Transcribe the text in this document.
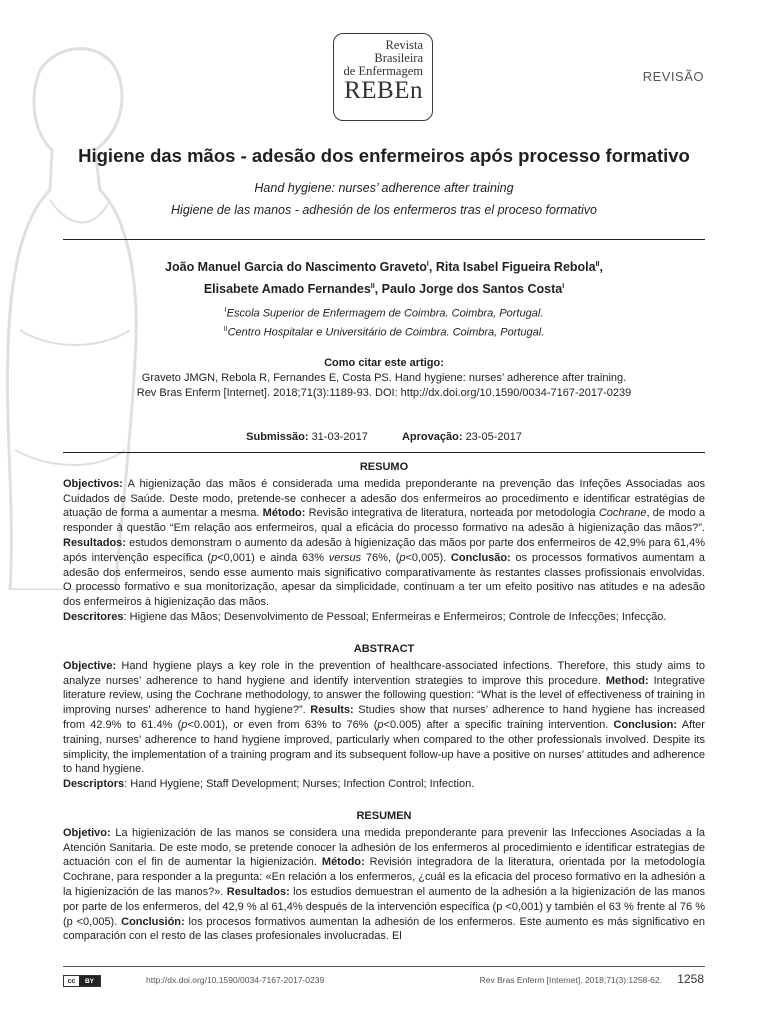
Revista
Brasileira
de Enfermagem
REBEn
REVISÃO
Higiene das mãos - adesão dos enfermeiros após processo formativo
Hand hygiene: nurses’ adherence after training
Higiene de las manos - adhesión de los enfermeros tras el proceso formativo
João Manuel Garcia do Nascimento Graveto$^I$, Rita Isabel Figueira Rebola$^{II}$,
Elisabete Amado Fernandes$^{II}$, Paulo Jorge dos Santos Costa$^I$
$^I$Escola Superior de Enfermagem de Coimbra. Coimbra, Portugal.
$^{II}$Centro Hospitalar e Universitário de Coimbra. Coimbra, Portugal.
Como citar este artigo:
Graveto JMGN, Rebola R, Fernandes E, Costa PS. Hand hygiene: nurses’ adherence after training.
Rev Bras Enferm [Internet]. 2018;71(3):1189-93. DOI: http://dx.doi.org/10.1590/0034-7167-2017-0239
Submissão: 31-03-2017	Aprovação: 23-05-2017
RESUMO

Objectivos: A higienização das mãos é considerada uma medida preponderante na prevenção das Infeções Associadas aos Cuidados de Saúde. Deste modo, pretende-se conhecer a adesão dos enfermeiros ao procedimento e identificar estratégias de atuação de forma a aumentar a mesma. Método: Revisão integrativa de literatura, norteada por metodologia Cochrane, de modo a responder à questão “Em relação aos enfermeiros, qual a eficácia do processo formativo na adesão à higienização das mãos?”. Resultados: estudos demonstram o aumento da adesão à higienização das mãos por parte dos enfermeiros de 42,9% para 61,4% após intervenção específica (p<0,001) e ainda 63% versus 76%, (p<0,005). Conclusão: os processos formativos aumentam a adesão dos enfermeiros, sendo esse aumento mais significativo comparativamente às restantes classes profissionais envolvidas. O processo formativo e sua monitorização, apesar da simplicidade, continuam a ter um efeito positivo nas atitudes e na adesão dos enfermeiros à higienização das mãos.

Descritores: Higiene das Mãos; Desenvolvimento de Pessoal; Enfermeiras e Enfermeiros; Controle de Infecções; Infecção.

ABSTRACT

Objective: Hand hygiene plays a key role in the prevention of healthcare-associated infections. Therefore, this study aims to analyze nurses’ adherence to hand hygiene and identify intervention strategies to improve this procedure. Method: Integrative literature review, using the Cochrane methodology, to answer the following question: “What is the level of effectiveness of training in improving nurses’ adherence to hand hygiene?”. Results: Studies show that nurses’ adherence to hand hygiene has increased from 42.9% to 61.4% (p<0.001), or even from 63% to 76% (p<0.005) after a specific training intervention. Conclusion: After training, nurses’ adherence to hand hygiene improved, particularly when compared to the other professionals involved. Despite its simplicity, the implementation of a training program and its subsequent follow-up have a positive on nurses’ attitudes and adherence to hand hygiene.

Descriptors: Hand Hygiene; Staff Development; Nurses; Infection Control; Infection.

RESUMEN

Objetivo: La higienización de las manos se considera una medida preponderante para prevenir las Infecciones Asociadas a la Atención Sanitaria. De este modo, se pretende conocer la adhesión de los enfermeros al procedimiento e identificar estrategias de actuación con el fin de aumentar la higienización. Método: Revisión integradora de la literatura, orientada por la metodología Cochrane, para responder a la pregunta: «En relación a los enfermeros, ¿cuál es la eficacia del proceso formativo en la adhesión a la higienización de las manos?». Resultados: los estudios demuestran el aumento de la adhesión a la higienización de las manos por parte de los enfermeros, del 42,9 % al 61,4% después de la intervención específica (p <0,001) y también el 63 % frente al 76 % (p <0,005). Conclusión: los procesos formativos aumentan la adhesión de los enfermeros. Este aumento es más significativo en comparación con el resto de las clases profesionales involucradas. El

cc	BY	http://dx.doi.org/10.1590/0034-7167-2017-0239	Rev Bras Enferm [Internet]. 2018;71(3):1258-62. 1258
